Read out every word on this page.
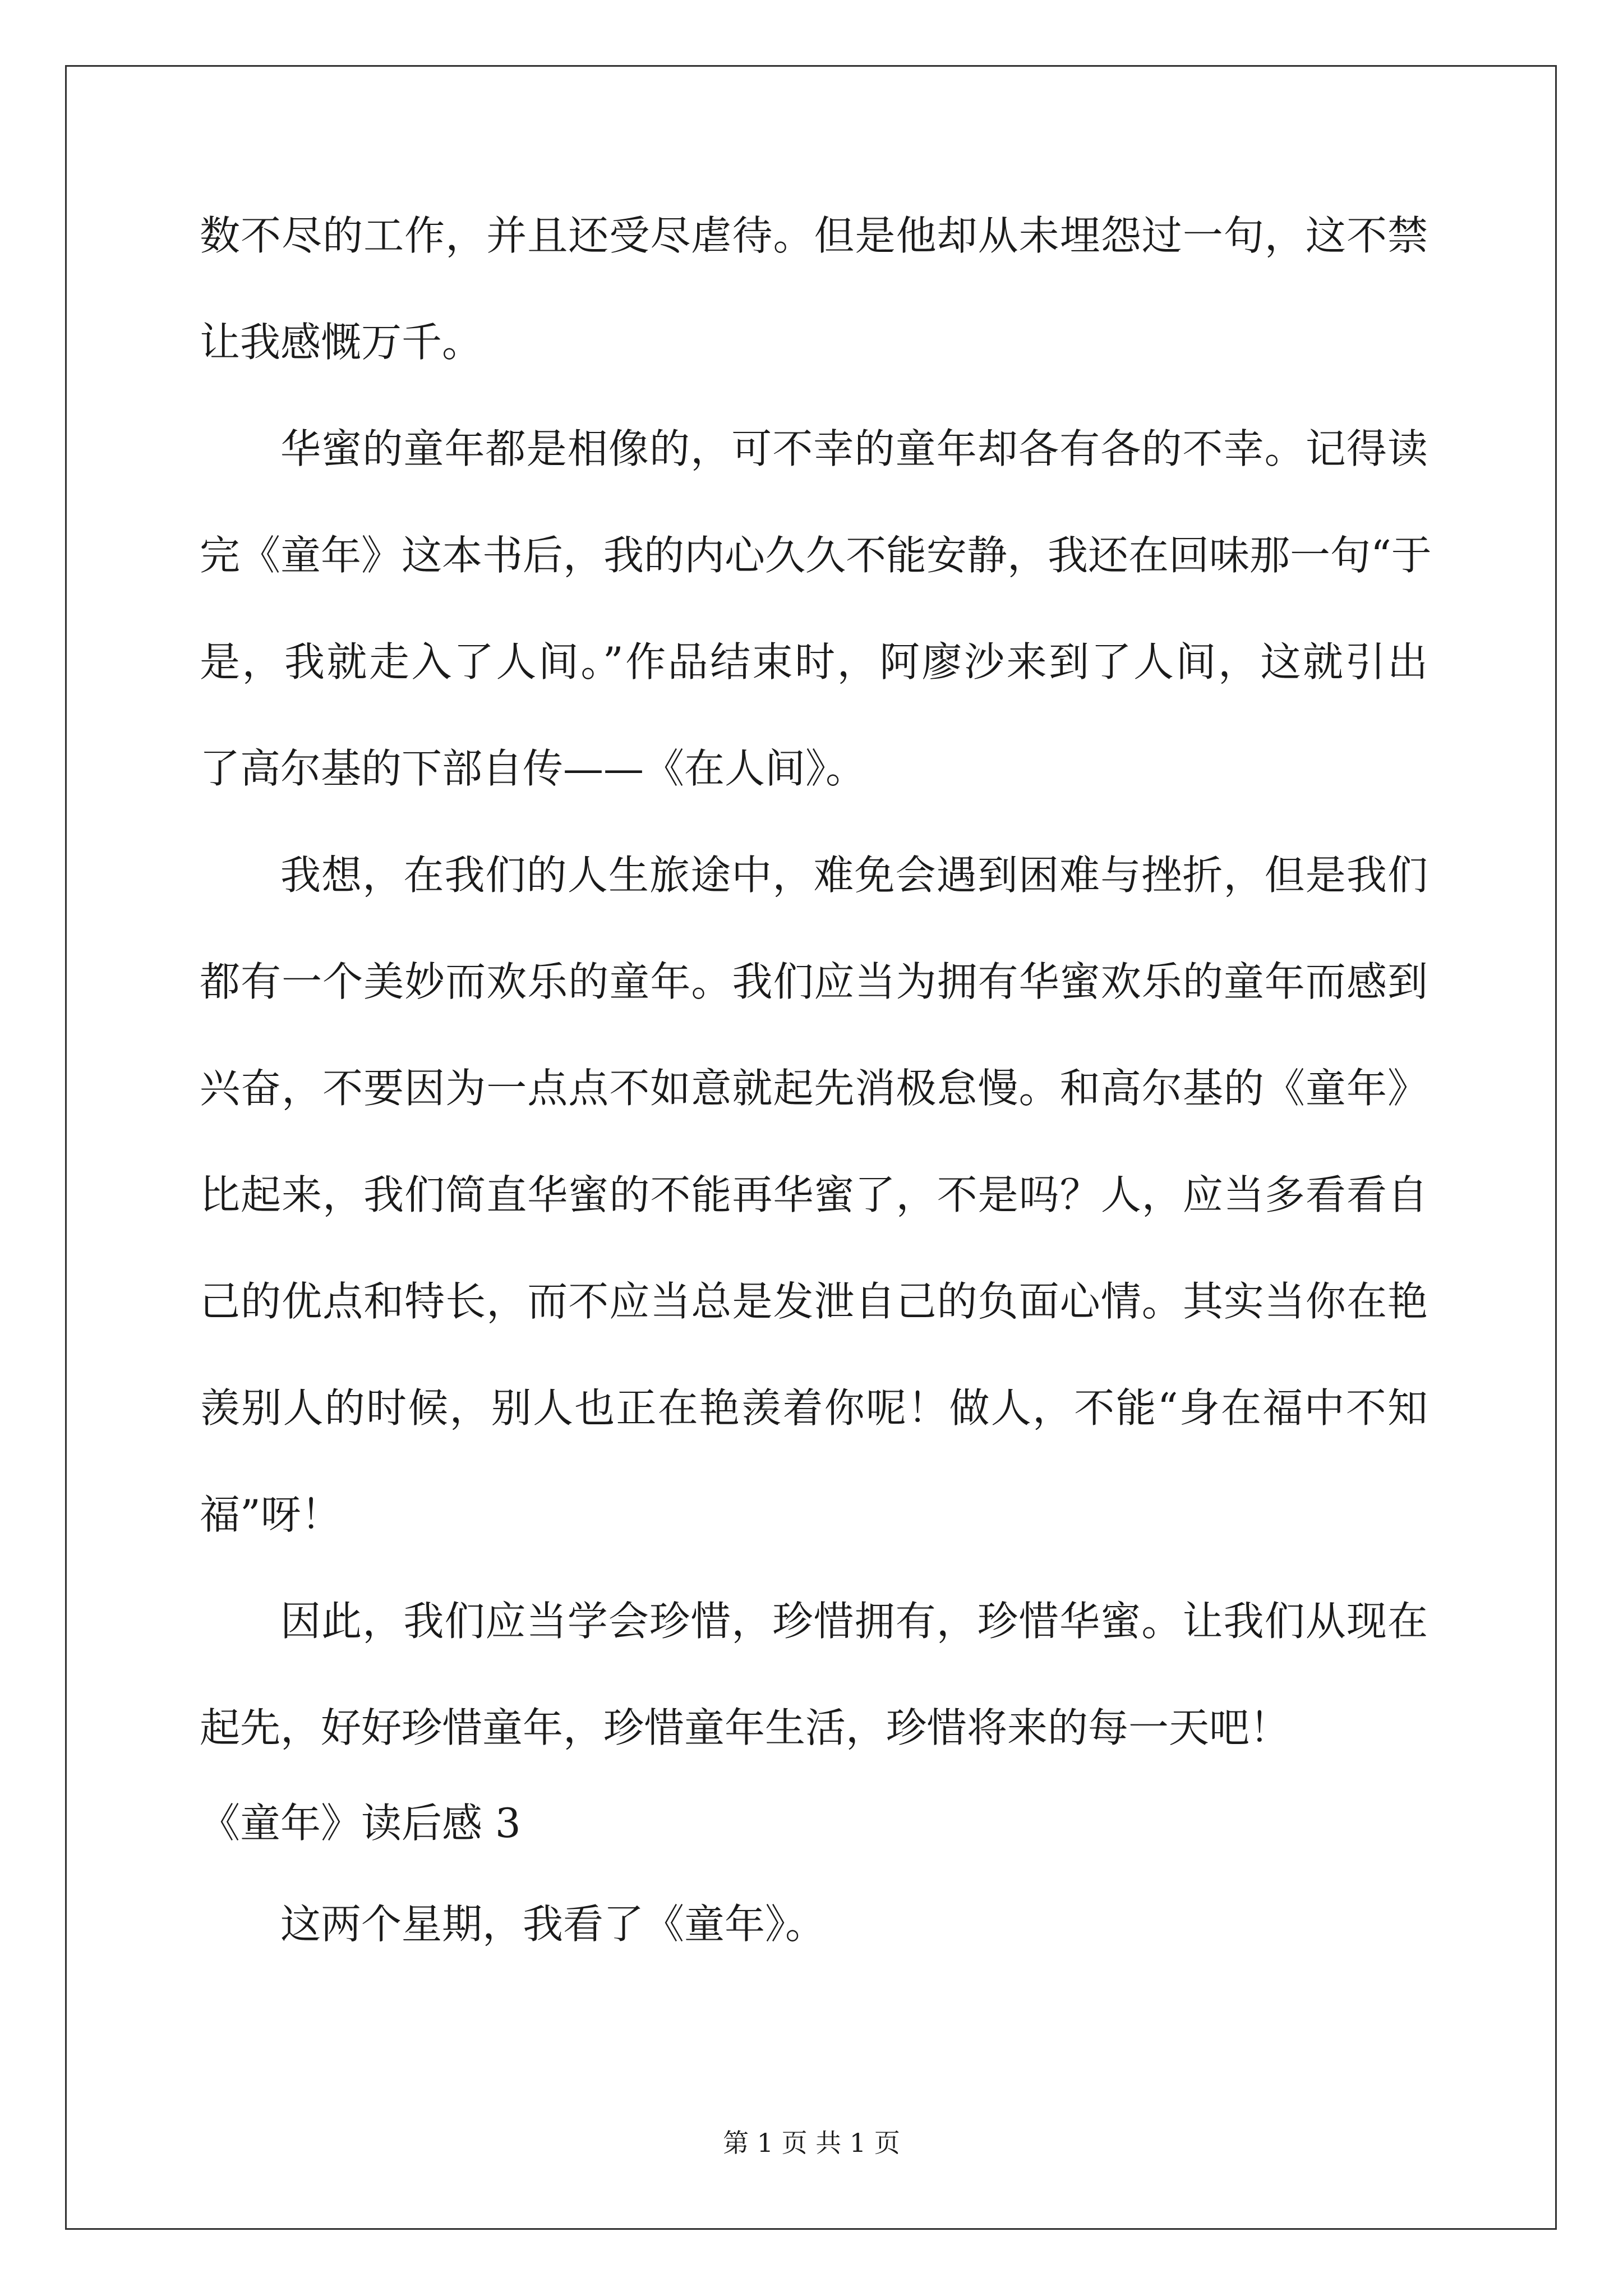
数不尽的工作，并且还受尽虐待。但是他却从未埋怨过一句，这不禁
让我感慨万千。
华蜜的童年都是相像的，可不幸的童年却各有各的不幸。记得读
完《童年》这本书后，我的内心久久不能安静，我还在回味那一句“于
是，我就走入了人间。”作品结束时，阿廖沙来到了人间，这就引出
了高尔基的下部自传——《在人间》。
我想，在我们的人生旅途中，难免会遇到困难与挫折，但是我们
都有一个美妙而欢乐的童年。我们应当为拥有华蜜欢乐的童年而感到
兴奋，不要因为一点点不如意就起先消极怠慢。和高尔基的《童年》
比起来，我们简直华蜜的不能再华蜜了，不是吗？人，应当多看看自
己的优点和特长，而不应当总是发泄自己的负面心情。其实当你在艳
羡别人的时候，别人也正在艳羡着你呢！做人，不能“身在福中不知
福”呀！
因此，我们应当学会珍惜，珍惜拥有，珍惜华蜜。让我们从现在
起先，好好珍惜童年，珍惜童年生活，珍惜将来的每一天吧！
《童年》读后感 3
这两个星期，我看了《童年》。
第 1 页 共 1 页
